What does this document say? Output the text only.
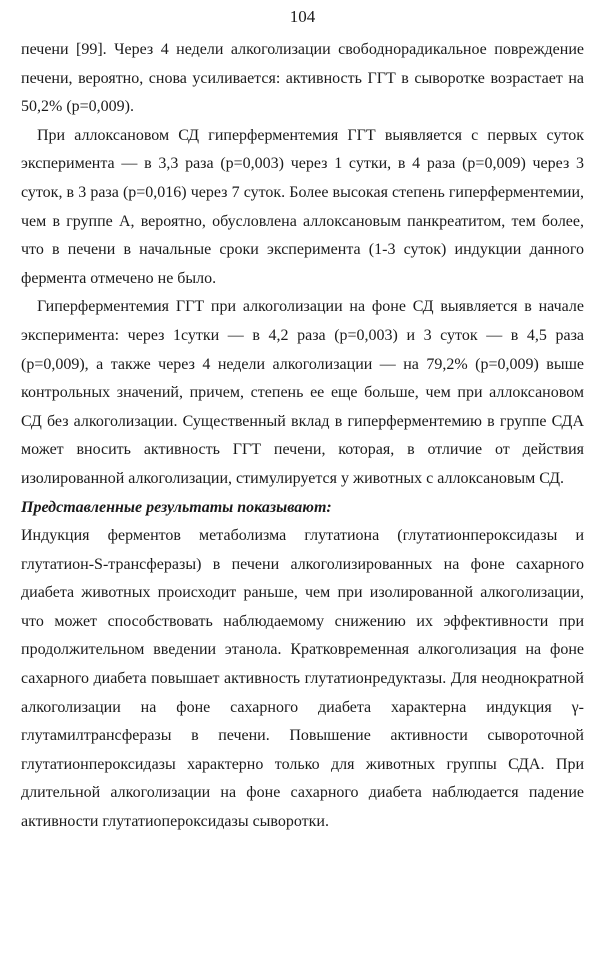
104

печени [99]. Через 4 недели алкоголизации свободнорадикальное повреждение печени, вероятно, снова усиливается: активность ГГТ в сыворотке возрастает на 50,2% (р=0,009).

При аллоксановом СД гиперферментемия ГГТ выявляется с первых суток эксперимента — в 3,3 раза (р=0,003) через 1 сутки, в 4 раза (р=0,009) через 3 суток, в 3 раза (р=0,016) через 7 суток. Более высокая степень гиперферментемии, чем в группе А, вероятно, обусловлена аллоксановым панкреатитом, тем более, что в печени в начальные сроки эксперимента (1-3 суток) индукции данного фермента отмечено не было.

Гиперферментемия ГГТ при алкоголизации на фоне СД выявляется в начале эксперимента: через 1сутки — в 4,2 раза (р=0,003) и 3 суток — в 4,5 раза (р=0,009), а также через 4 недели алкоголизации — на 79,2% (р=0,009) выше контрольных значений, причем, степень ее еще больше, чем при аллоксановом СД без алкоголизации. Существенный вклад в гиперферментемию в группе СДА может вносить активность ГГТ печени, которая, в отличие от действия изолированной алкоголизации, стимулируется у животных с аллоксановым СД.

Представленные результаты показывают:

Индукция ферментов метаболизма глутатиона (глутатионпероксидазы и глутатион-S-трансферазы) в печени алкоголизированных на фоне сахарного диабета животных происходит раньше, чем при изолированной алкоголизации, что может способствовать наблюдаемому снижению их эффективности при продолжительном введении этанола. Кратковременная алкоголизация на фоне сахарного диабета повышает активность глутатионредуктазы. Для неоднократной алкоголизации на фоне сахарного диабета характерна индукция γ-глутамилтрансферазы в печени. Повышение активности сывороточной глутатионпероксидазы характерно только для животных группы СДА. При длительной алкоголизации на фоне сахарного диабета наблюдается падение активности глутатиопероксидазы сыворотки.
